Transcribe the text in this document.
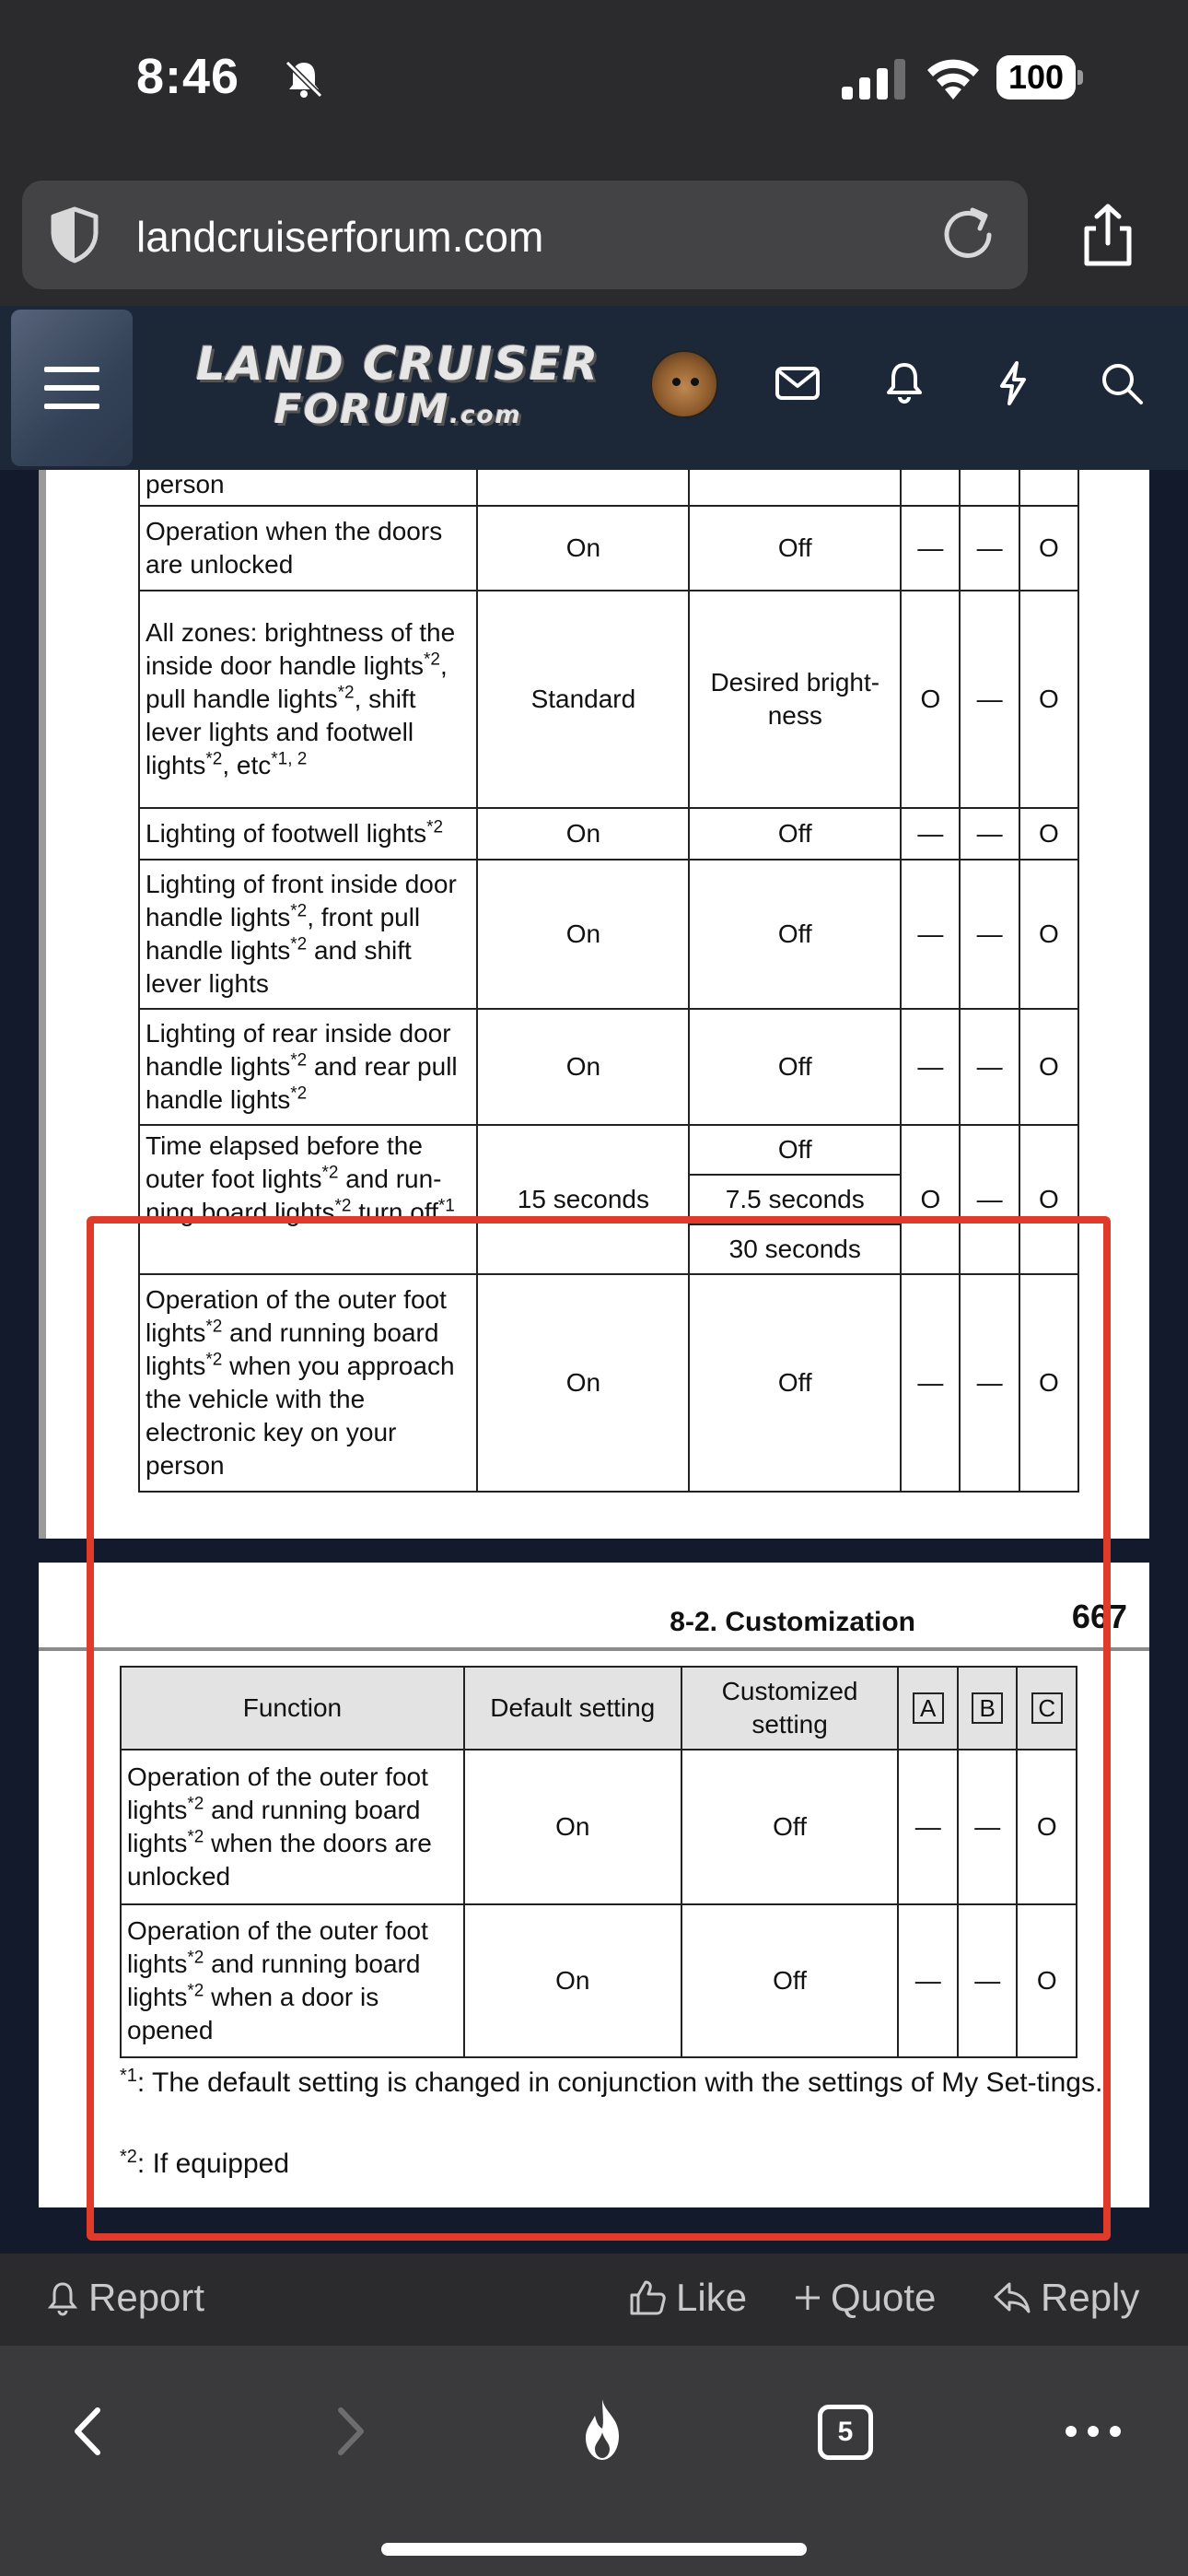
8:46	100
landcruiserforum.com
LAND CRUISER
FORUM.com
person					
Operation when the doors are unlocked	On	Off	—	—	O
All zones: brightness of the inside door handle lights$^{*2}$, pull handle lights$^{*2}$, shift lever lights and footwell lights$^{*2}$, etc$^{*1, 2}$	Standard	Desired bright-ness	O	—	O
Lighting of footwell lights$^{*2}$	On	Off	—	—	O
Lighting of front inside door handle lights$^{*2}$, front pull handle lights$^{*2}$ and shift lever lights	On	Off	—	—	O
Lighting of rear inside door handle lights$^{*2}$ and rear pull handle lights$^{*2}$	On	Off	—	—	O

Time elapsed before the outer foot lights$^{*2}$ and run-ning board lights$^{*2}$ turn off$^{*1}$	15 seconds	Off	O	—	O
		7.5 seconds			
		30 seconds			
Operation of the outer foot lights$^{*2}$ and running board lights$^{*2}$ when you approach the vehicle with the electronic key on your person	On	Off	—	—	O
8-2. Customization	667
Function	Default setting	Customized setting	A	B	C
Operation of the outer foot lights$^{*2}$ and running board lights$^{*2}$ when the doors are unlocked	On	Off	—	—	O
Operation of the outer foot lights$^{*2}$ and running board lights$^{*2}$ when a door is opened	On	Off	—	—	O
$^{*1}$: The default setting is changed in conjunction with the settings of My Set-tings.
$^{*2}$: If equipped
Report	Like Quote	Reply
5
